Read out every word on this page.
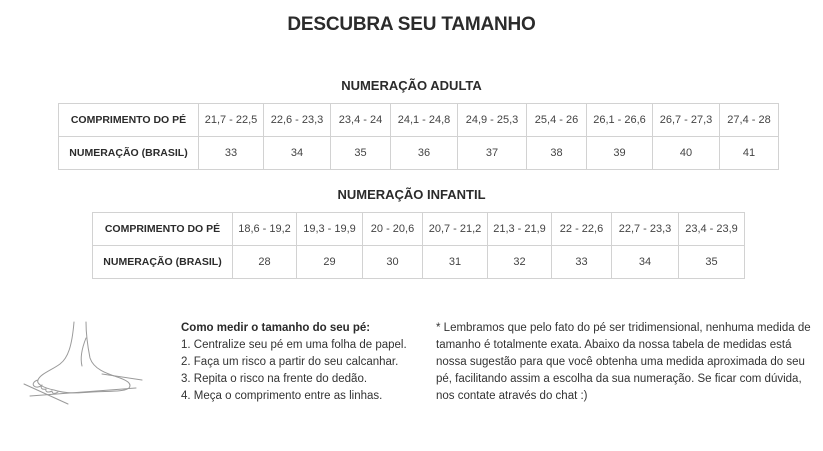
DESCUBRA SEU TAMANHO
NUMERAÇÃO ADULTA
COMPRIMENTO DO PÉ	21,7 - 22,5	22,6 - 23,3	23,4 - 24	24,1 - 24,8	24,9 - 25,3	25,4 - 26	26,1 - 26,6	26,7 - 27,3	27,4 - 28
NUMERAÇÃO (BRASIL)	33	34	35	36	37	38	39	40	41
NUMERAÇÃO INFANTIL
COMPRIMENTO DO PÉ	18,6 - 19,2	19,3 - 19,9	20 - 20,6	20,7 - 21,2	21,3 - 21,9	22 - 22,6	22,7 - 23,3	23,4 - 23,9
NUMERAÇÃO (BRASIL)	28	29	30	31	32	33	34	35
Como medir o tamanho do seu pé:
1. Centralize seu pé em uma folha de papel.
2. Faça um risco a partir do seu calcanhar.
3. Repita o risco na frente do dedão.
4. Meça o comprimento entre as linhas.
* Lembramos que pelo fato do pé ser tridimensional, nenhuma medida de tamanho é totalmente exata. Abaixo da nossa tabela de medidas está nossa sugestão para que você obtenha uma medida aproximada do seu pé, facilitando assim a escolha da sua numeração. Se ficar com dúvida, nos contate através do chat :)
